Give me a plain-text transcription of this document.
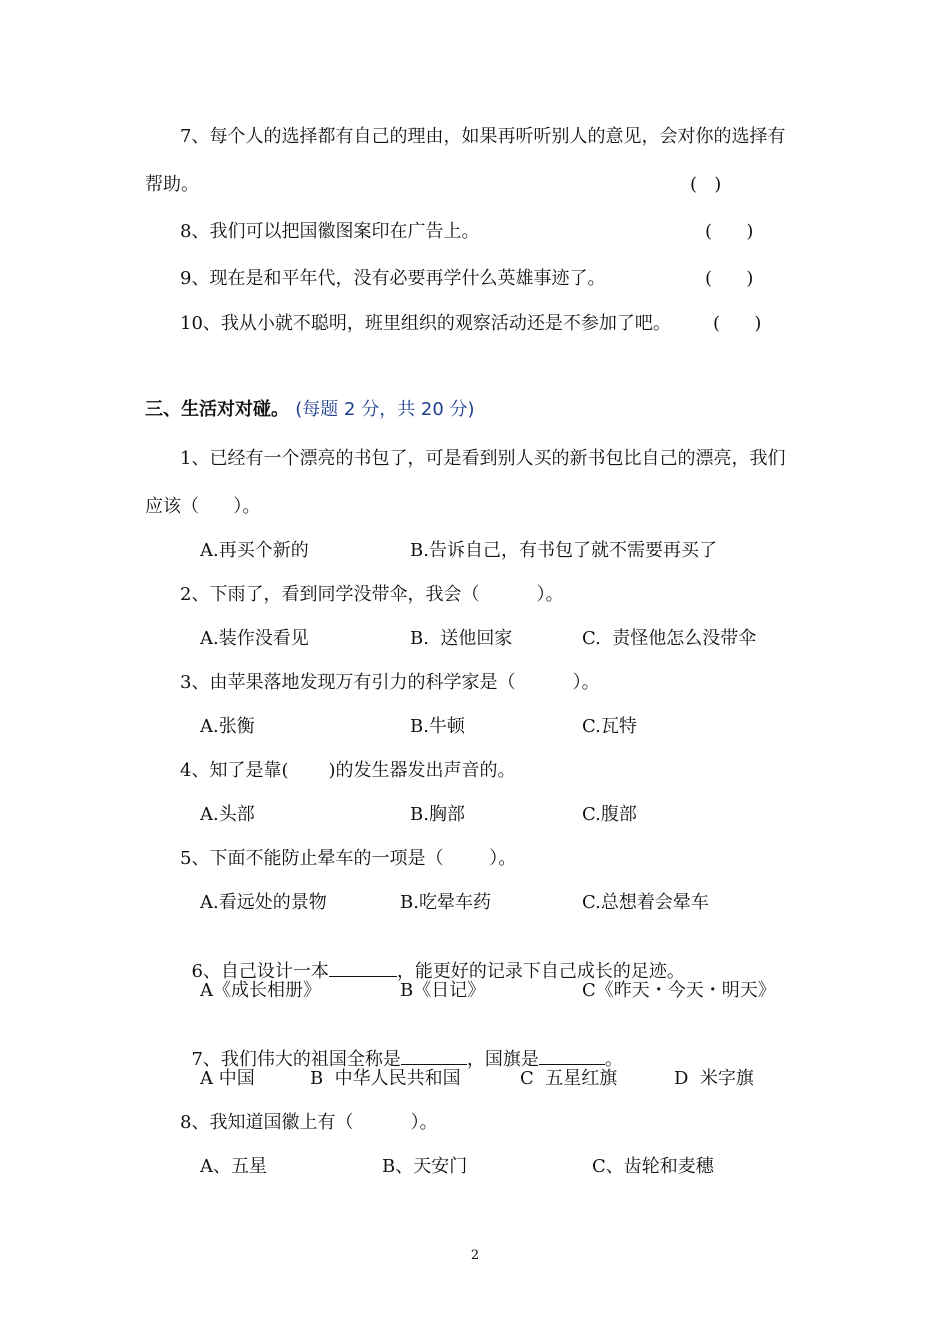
7、每个人的选择都有自己的理由，如果再听听别人的意见，会对你的选择有
帮助。	(   )
8、我们可以把国徽图案印在广告上。	(      )
9、现在是和平年代，没有必要再学什么英雄事迹了。	(      )
10、我从小就不聪明，班里组织的观察活动还是不参加了吧。 (      )
三、生活对对碰。 (每题 2 分，共 20 分)
1、已经有一个漂亮的书包了，可是看到别人买的新书包比自己的漂亮，我们
应该（      ）。
A.再买个新的	B.告诉自己，有书包了就不需要再买了
2、下雨了，看到同学没带伞，我会（          ）。
A.装作没看见	B.  送他回家	C.  责怪他怎么没带伞
3、由苹果落地发现万有引力的科学家是（          ）。
A.张衡	B.牛顿	C.瓦特
4、知了是靠(       )的发生器发出声音的。
A.头部	B.胸部	C.腹部
5、下面不能防止晕车的一项是（        ）。
A.看远处的景物	B.吃晕车药	C.总想着会晕车

6、自己设计一本	，能更好的记录下自己成长的足迹。

A《成长相册》	B《日记》	C《昨天・今天・明天》

7、我们伟大的祖国全称是	，国旗是	。

A 中国	B  中华人民共和国	C  五星红旗	D  米字旗
8、我知道国徽上有（          ）。
A、五星	B、天安门	C、齿轮和麦穗
2
